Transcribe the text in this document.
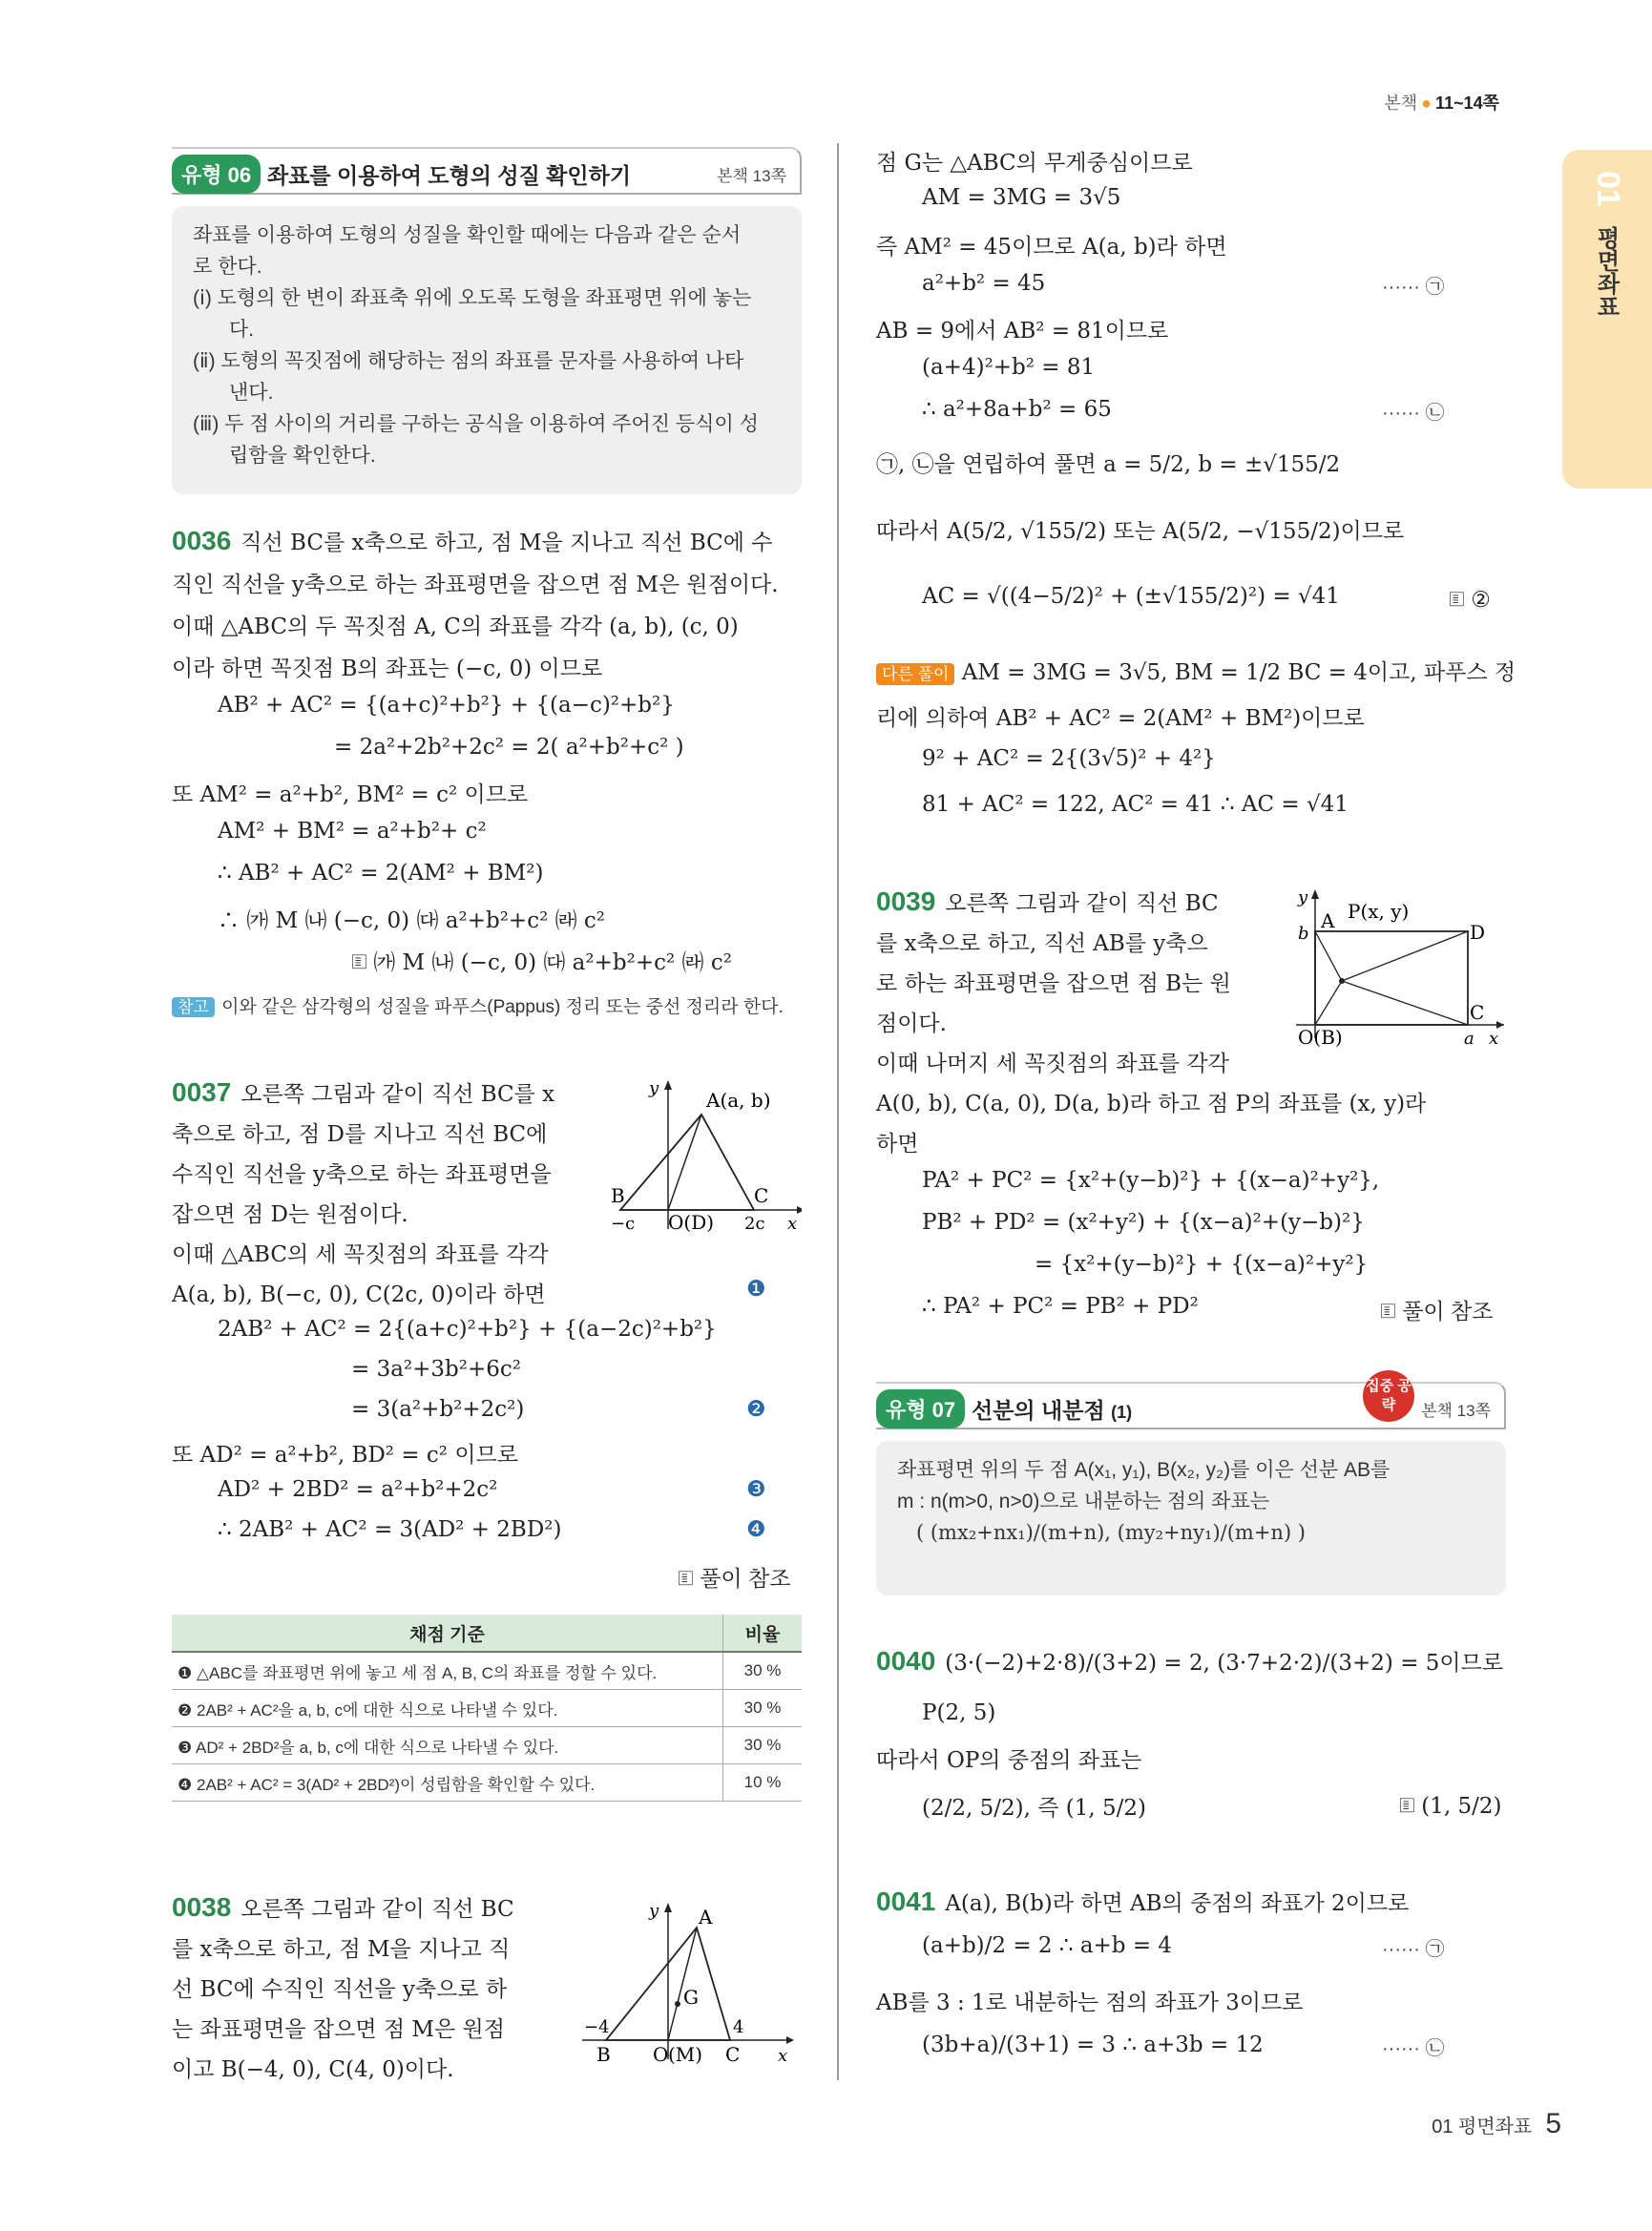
본책 ● 11~14쪽
01
평면좌표
유형 06 좌표를 이용하여 도형의 성질 확인하기	본책 13쪽
좌표를 이용하여 도형의 성질을 확인할 때에는 다음과 같은 순서
로 한다.
(ⅰ) 도형의 한 변이 좌표축 위에 오도록 도형을 좌표평면 위에 놓는
다.
(ⅱ) 도형의 꼭짓점에 해당하는 점의 좌표를 문자를 사용하여 나타
낸다.
(ⅲ) 두 점 사이의 거리를 구하는 공식을 이용하여 주어진 등식이 성
립함을 확인한다.
0036 직선 BC를 x축으로 하고, 점 M을 지나고 직선 BC에 수
직인 직선을 y축으로 하는 좌표평면을 잡으면 점 M은 원점이다.
이때 △ABC의 두 꼭짓점 A, C의 좌표를 각각 (a, b), (c, 0)
이라 하면 꼭짓점 B의 좌표는 (−c, 0) 이므로
AB² + AC² = {(a+c)²+b²} + {(a−c)²+b²}
= 2a²+2b²+2c² = 2( a²+b²+c² )
또 AM² = a²+b², BM² = c² 이므로
AM² + BM² = a²+b²+ c²
∴ AB² + AC² = 2(AM² + BM²)
∴ ㈎ M ㈏ (−c, 0) ㈐ a²+b²+c² ㈑ c²
🗉 ㈎ M ㈏ (−c, 0) ㈐ a²+b²+c² ㈑ c²
참고 이와 같은 삼각형의 성질을 파푸스(Pappus) 정리 또는 중선 정리라 한다.
0037 오른쪽 그림과 같이 직선 BC를 x
축으로 하고, 점 D를 지나고 직선 BC에
수직인 직선을 y축으로 하는 좌표평면을
잡으면 점 D는 원점이다.
이때 △ABC의 세 꼭짓점의 좌표를 각각
A(a, b), B(−c, 0), C(2c, 0)이라 하면	❶
2AB² + AC² = 2{(a+c)²+b²} + {(a−2c)²+b²}
= 3a²+3b²+6c²
= 3(a²+b²+2c²)	❷
또 AD² = a²+b², BD² = c² 이므로
AD² + 2BD² = a²+b²+2c²	❸
∴ 2AB² + AC² = 3(AD² + 2BD²)	❹
🗉 풀이 참조
A(a, b)
B	C
O(D)
−c	2c x
y
채점 기준	비율
❶ △ABC를 좌표평면 위에 놓고 세 점 A, B, C의 좌표를 정할 수 있다.	30 %
❷ 2AB² + AC²을 a, b, c에 대한 식으로 나타낼 수 있다.	30 %
❸ AD² + 2BD²을 a, b, c에 대한 식으로 나타낼 수 있다.	30 %
❹ 2AB² + AC² = 3(AD² + 2BD²)이 성립함을 확인할 수 있다.	10 %
0038 오른쪽 그림과 같이 직선 BC
를 x축으로 하고, 점 M을 지나고 직
선 BC에 수직인 직선을 y축으로 하
는 좌표평면을 잡으면 점 M은 원점
이고 B(−4, 0), C(4, 0)이다.
A
G
B	C
O (M)
−4	4
x
y
점 G는 △ABC의 무게중심이므로
AM = 3MG = 3√5
즉 AM² = 45이므로 A(a, b)라 하면
a²+b² = 45	······ ㉠
AB = 9에서 AB² = 81이므로
(a+4)²+b² = 81
∴ a²+8a+b² = 65	······ ㉡
㉠, ㉡을 연립하여 풀면 a = 5/2, b = ±√155/2
따라서 A(5/2, √155/2) 또는 A(5/2, −√155/2)이므로
AC = √((4−5/2)² + (±√155/2)²) = √41	🗉 ②
다른 풀이 AM = 3MG = 3√5, BM = 1/2 BC = 4이고, 파푸스 정
리에 의하여 AB² + AC² = 2(AM² + BM²)이므로
9² + AC² = 2{(3√5)² + 4²}
81 + AC² = 122, AC² = 41 ∴ AC = √41
0039 오른쪽 그림과 같이 직선 BC
를 x축으로 하고, 직선 AB를 y축으
로 하는 좌표평면을 잡으면 점 B는 원
점이다.
이때 나머지 세 꼭짓점의 좌표를 각각
A(0, b), C(a, 0), D(a, b)라 하고 점 P의 좌표를 (x, y)라
하면
PA² + PC² = {x²+(y−b)²} + {(x−a)²+y²},
PB² + PD² = (x²+y²) + {(x−a)²+(y−b)²}
= {x²+(y−b)²} + {(x−a)²+y²}
∴ PA² + PC² = PB² + PD²	🗉 풀이 참조
A P(x, y)
D
C
O(B)
b
a x
y
유형 07 선분의 내분점 (1)
집중 공략	본책 13쪽
좌표평면 위의 두 점 A(x₁, y₁), B(x₂, y₂)를 이은 선분 AB를
m : n(m>0, n>0)으로 내분하는 점의 좌표는
( (mx₂+nx₁)/(m+n), (my₂+ny₁)/(m+n) )
0040 (3·(−2)+2·8)/(3+2) = 2, (3·7+2·2)/(3+2) = 5이므로
P(2, 5)
따라서 OP의 중점의 좌표는
(2/2, 5/2), 즉 (1, 5/2)	🗉 (1, 5/2)
0041 A(a), B(b)라 하면 AB의 중점의 좌표가 2이므로
(a+b)/2 = 2 ∴ a+b = 4	······ ㉠
AB를 3 : 1로 내분하는 점의 좌표가 3이므로
(3b+a)/(3+1) = 3 ∴ a+3b = 12	······ ㉡
01 평면좌표 5
